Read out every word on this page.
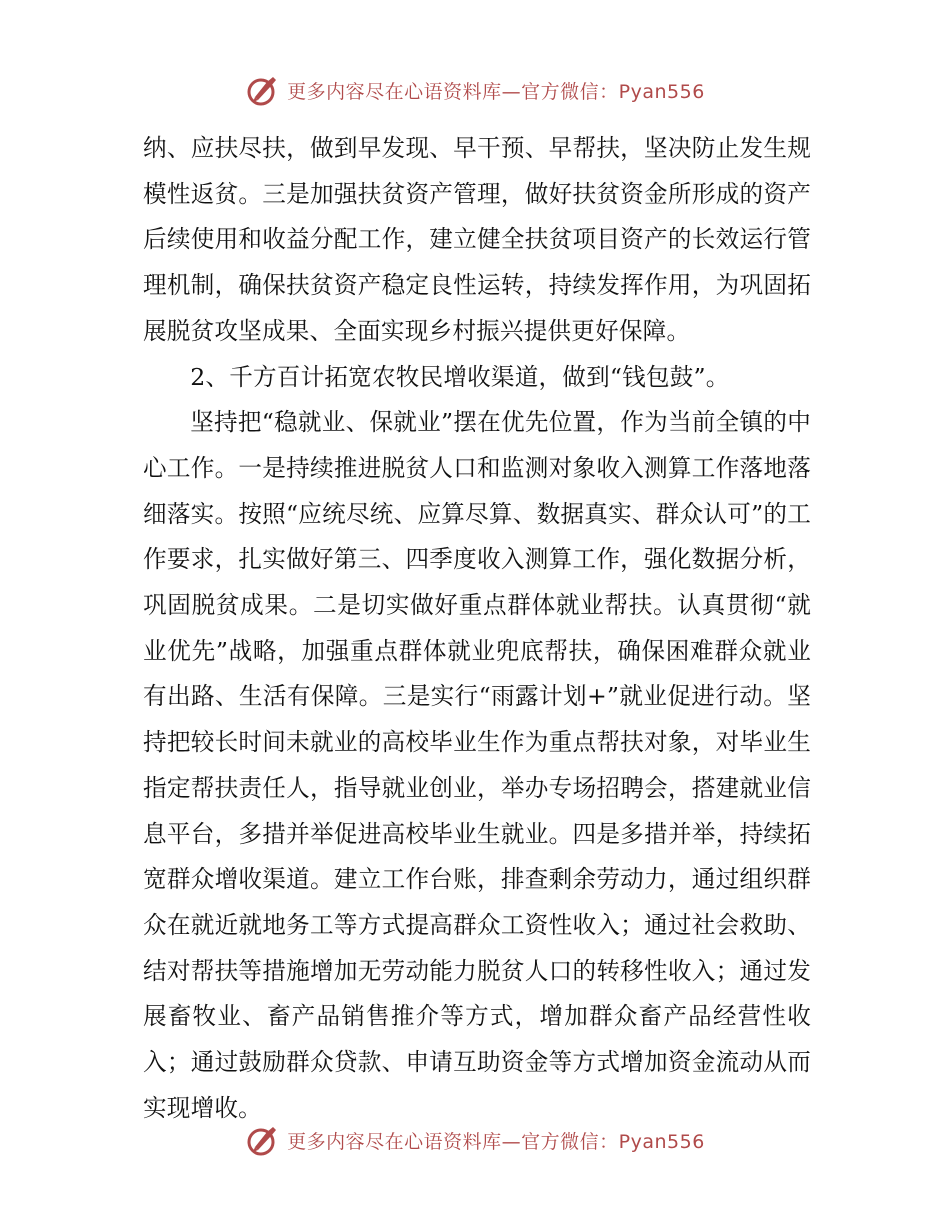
更多内容尽在心语资料库—官方微信：Pyan556

纳、应扶尽扶，做到早发现、早干预、早帮扶，坚决防止发生规模性返贫。三是加强扶贫资产管理，做好扶贫资金所形成的资产后续使用和收益分配工作，建立健全扶贫项目资产的长效运行管理机制，确保扶贫资产稳定良性运转，持续发挥作用，为巩固拓展脱贫攻坚成果、全面实现乡村振兴提供更好保障。

2、千方百计拓宽农牧民增收渠道，做到“钱包鼓”。

坚持把“稳就业、保就业”摆在优先位置，作为当前全镇的中心工作。一是持续推进脱贫人口和监测对象收入测算工作落地落细落实。按照“应统尽统、应算尽算、数据真实、群众认可”的工作要求，扎实做好第三、四季度收入测算工作，强化数据分析，巩固脱贫成果。二是切实做好重点群体就业帮扶。认真贯彻“就业优先”战略，加强重点群体就业兜底帮扶，确保困难群众就业有出路、生活有保障。三是实行“雨露计划+”就业促进行动。坚持把较长时间未就业的高校毕业生作为重点帮扶对象，对毕业生指定帮扶责任人，指导就业创业，举办专场招聘会，搭建就业信息平台，多措并举促进高校毕业生就业。四是多措并举，持续拓宽群众增收渠道。建立工作台账，排查剩余劳动力，通过组织群众在就近就地务工等方式提高群众工资性收入；通过社会救助、结对帮扶等措施增加无劳动能力脱贫人口的转移性收入；通过发展畜牧业、畜产品销售推介等方式，增加群众畜产品经营性收入；通过鼓励群众贷款、申请互助资金等方式增加资金流动从而实现增收。

更多内容尽在心语资料库—官方微信：Pyan556
